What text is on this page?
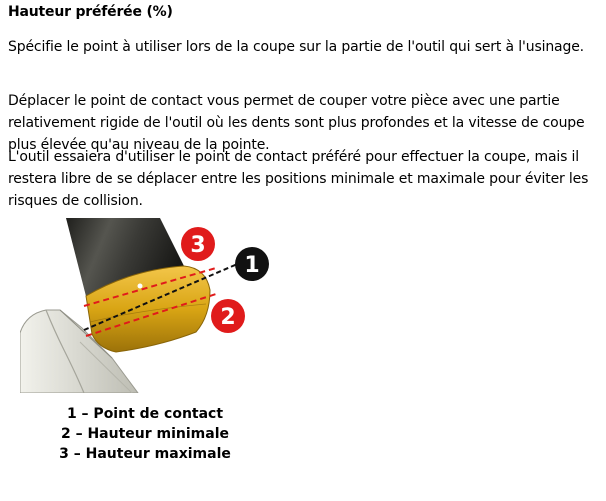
Hauteur préférée (%)

Spécifie le point à utiliser lors de la coupe sur la partie de l'outil qui sert à l'usinage.

Déplacer le point de contact vous permet de couper votre pièce avec une partie relativement rigide de l'outil où les dents sont plus profondes et la vitesse de coupe plus élevée qu'au niveau de la pointe.

L'outil essaiera d'utiliser le point de contact préféré pour effectuer la coupe, mais il restera libre de se déplacer entre les positions minimale et maximale pour éviter les risques de collision.

3
1
2
1 – Point de contact
2 – Hauteur minimale
3 – Hauteur maximale
